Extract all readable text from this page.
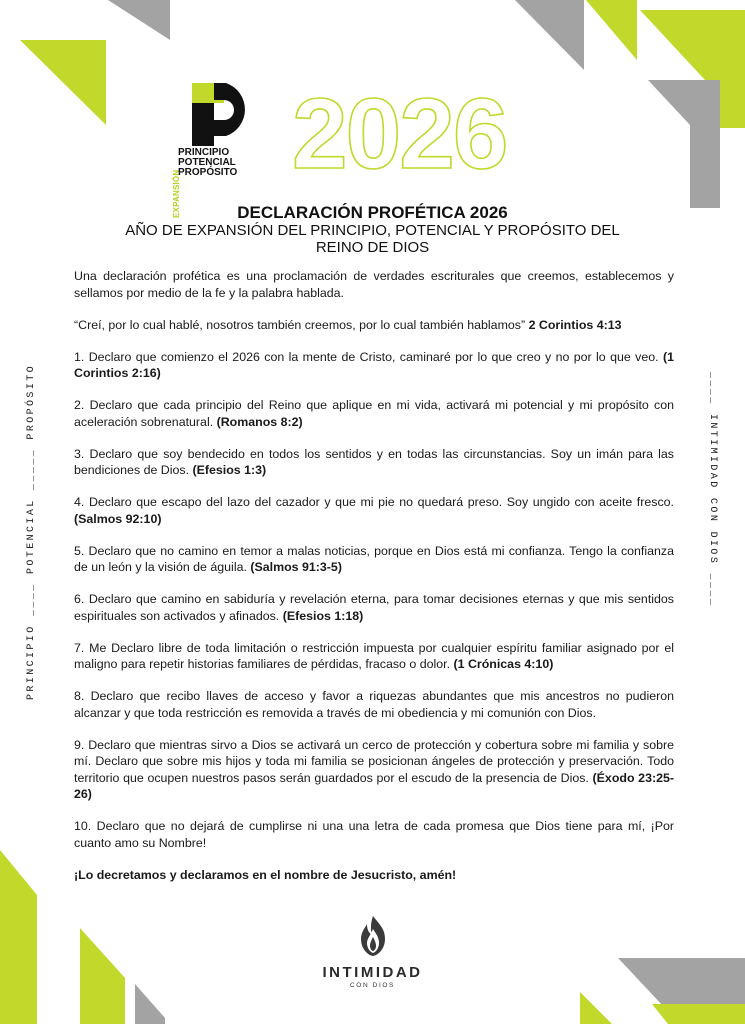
EXPANSIÓN
PRINCIPIO
POTENCIAL
PROPÓSITO 2026
DECLARACIÓN PROFÉTICA 2026
AÑO DE EXPANSIÓN DEL PRINCIPIO, POTENCIAL Y PROPÓSITO DEL
REINO DE DIOS

Una declaración profética es una proclamación de verdades escriturales que creemos, establecemos y sellamos por medio de la fe y la palabra hablada.

“Creí, por lo cual hablé, nosotros también creemos, por lo cual también hablamos” 2 Corintios 4:13

1. Declaro que comienzo el 2026 con la mente de Cristo, caminaré por lo que creo y no por lo que veo. (1 Corintios 2:16)

2. Declaro que cada principio del Reino que aplique en mi vida, activará mi potencial y mi propósito con aceleración sobrenatural. (Romanos 8:2)

3. Declaro que soy bendecido en todos los sentidos y en todas las circunstancias. Soy un imán para las bendiciones de Dios. (Efesios 1:3)

4. Declaro que escapo del lazo del cazador y que mi pie no quedará preso. Soy ungido con aceite fresco. (Salmos 92:10)

5. Declaro que no camino en temor a malas noticias, porque en Dios está mi confianza. Tengo la confianza de un león y la visión de águila. (Salmos 91:3-5)

6. Declaro que camino en sabiduría y revelación eterna, para tomar decisiones eternas y que mis sentidos espirituales son activados y afinados. (Efesios 1:18)

7. Me Declaro libre de toda limitación o restricción impuesta por cualquier espíritu familiar asignado por el maligno para repetir historias familiares de pérdidas, fracaso o dolor. (1 Crónicas 4:10)

8. Declaro que recibo llaves de acceso y favor a riquezas abundantes que mis ancestros no pudieron alcanzar y que toda restricción es removida a través de mi obediencia y mi comunión con Dios.

9. Declaro que mientras sirvo a Dios se activará un cerco de protección y cobertura sobre mi familia y sobre mí. Declaro que sobre mis hijos y toda mi familia se posicionan ángeles de protección y preservación. Todo territorio que ocupen nuestros pasos serán guardados por el escudo de la presencia de Dios. (Éxodo 23:25-26)

10. Declaro que no dejará de cumplirse ni una una letra de cada promesa que Dios tiene para mí, ¡Por cuanto amo su Nombre!

¡Lo decretamos y declaramos en el nombre de Jesucristo, amén!

PRINCIPIO ____ POTENCIAL _____ PROPÓSITO	____ INTIMIDAD CON DIOS ____
INTIMIDAD
CON DIOS
